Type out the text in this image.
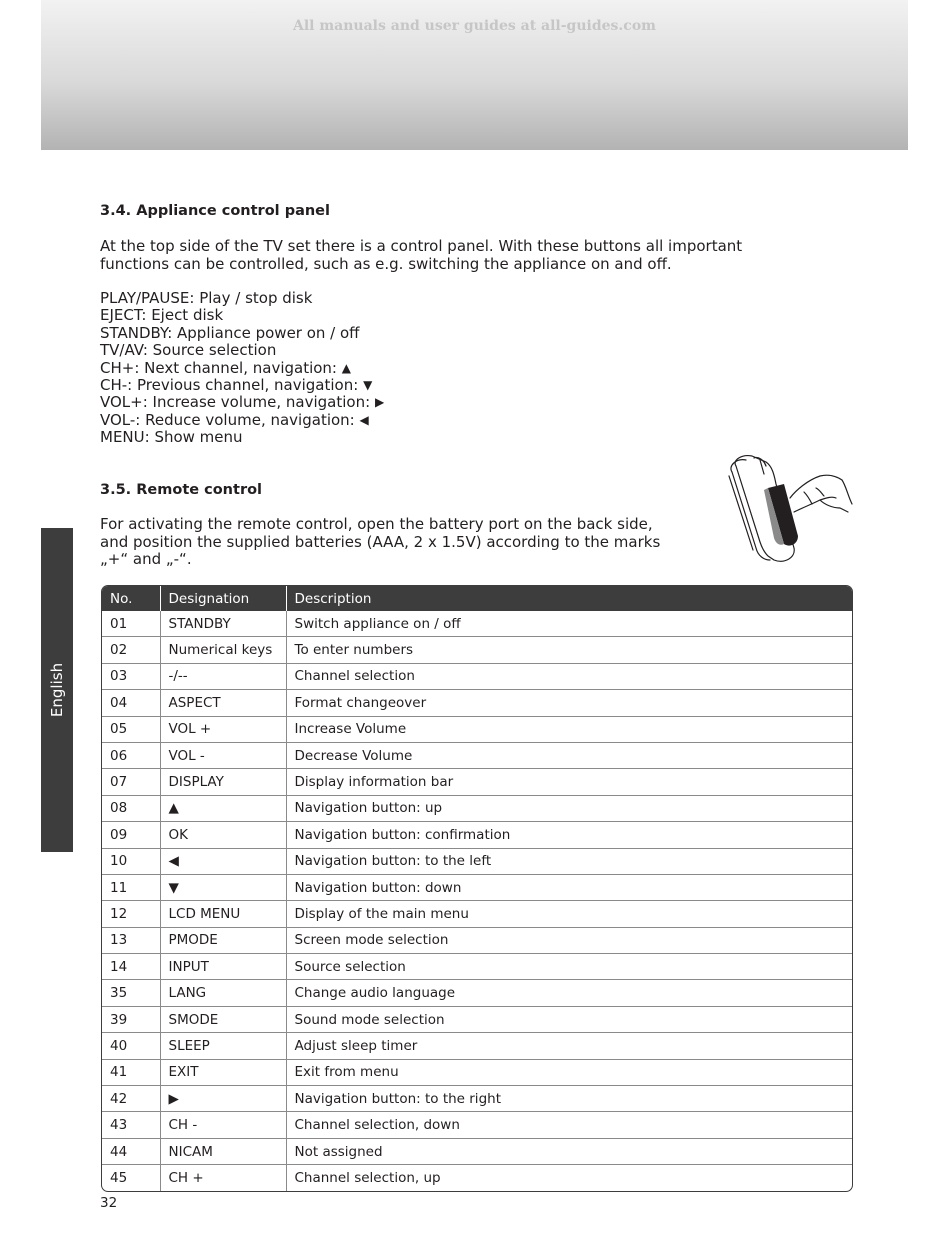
All manuals and user guides at all-guides.com
English
3.4. Appliance control panel

At the top side of the TV set there is a control panel. With these buttons all important

functions can be controlled, such as e.g. switching the appliance on and off.

PLAY/PAUSE: Play / stop disk
EJECT: Eject disk
STANDBY: Appliance power on / off
TV/AV: Source selection
CH+: Next channel, navigation: ▲
CH-: Previous channel, navigation: ▼
VOL+: Increase volume, navigation: ▶
VOL-: Reduce volume, navigation: ◀
MENU: Show menu
3.5. Remote control

For activating the remote control, open the battery port on the back side,

and position the supplied batteries (AAA, 2 x 1.5V) according to the marks

„+“ and „-“.

No.	Designation	Description
01	STANDBY	Switch appliance on / off
02	Numerical keys	To enter numbers
03	-/--	Channel selection
04	ASPECT	Format changeover
05	VOL +	Increase Volume
06	VOL -	Decrease Volume
07	DISPLAY	Display information bar
08	▲	Navigation button: up
09	OK	Navigation button: confirmation
10	◀	Navigation button: to the left
11	▼	Navigation button: down
12	LCD MENU	Display of the main menu
13	PMODE	Screen mode selection
14	INPUT	Source selection
35	LANG	Change audio language
39	SMODE	Sound mode selection
40	SLEEP	Adjust sleep timer
41	EXIT	Exit from menu
42	▶	Navigation button: to the right
43	CH -	Channel selection, down
44	NICAM	Not assigned
45	CH +	Channel selection, up
32
